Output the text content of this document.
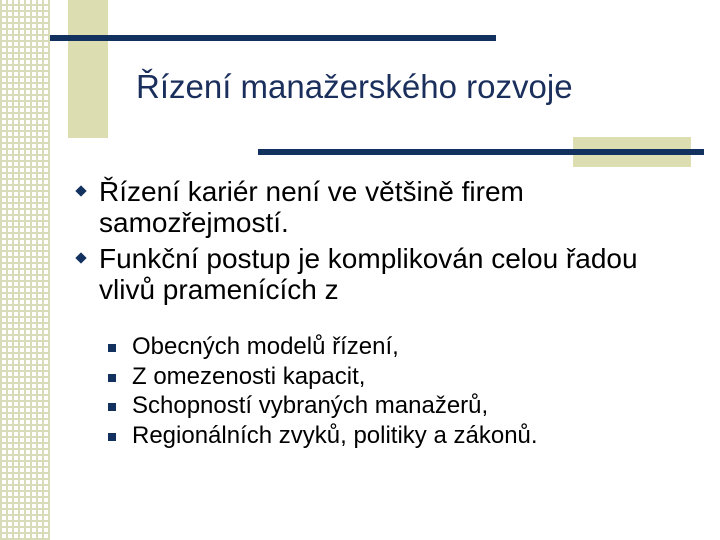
Řízení manažerského rozvoje
Řízení kariér není ve většině firem samozřejmostí.
Funkční postup je komplikován celou řadou vlivů pramenících z
Obecných modelů řízení,
Z omezenosti kapacit,
Schopností vybraných manažerů,
Regionálních zvyků, politiky a zákonů.
